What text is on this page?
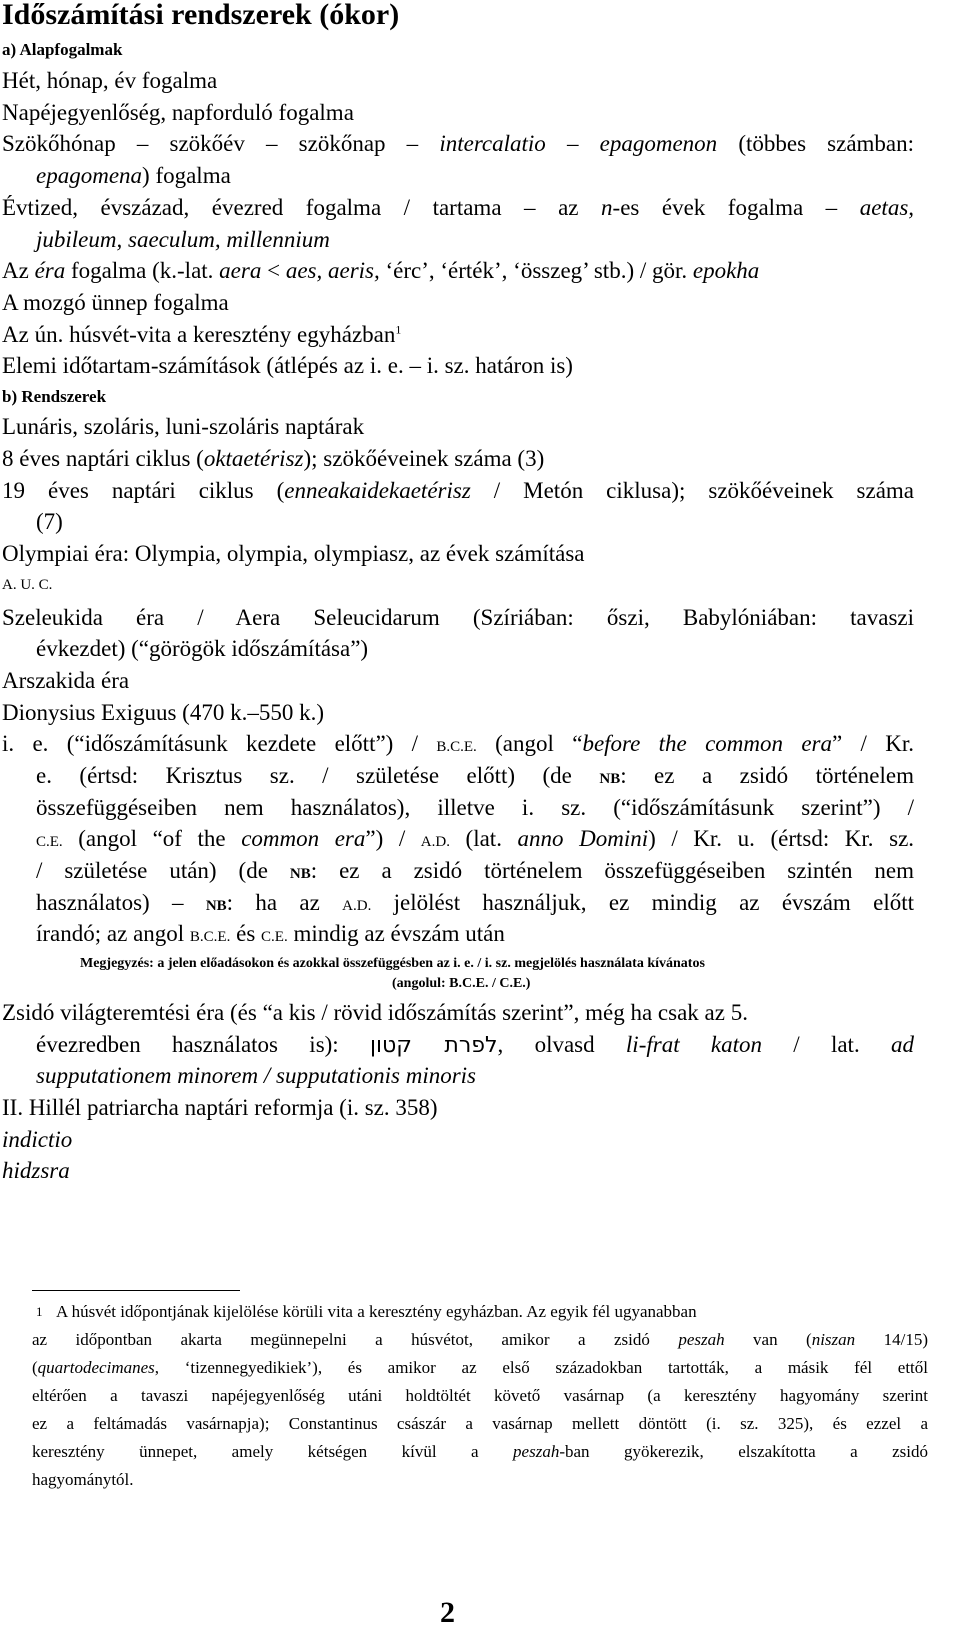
Időszámítási rendszerek (ókor)
a) Alapfogalmak
Hét, hónap, év fogalma
Napéjegyenlőség, napforduló fogalma
Szökőhónap – szökőév – szökőnap – intercalatio – epagomenon (többes számban:
epagomena) fogalma
Évtized, évszázad, évezred fogalma / tartama – az n-es évek fogalma – aetas,
jubileum, saeculum, millennium
Az éra fogalma (k.-lat. aera < aes, aeris, ‘érc’, ‘érték’, ‘összeg’ stb.) / gör. epokha
A mozgó ünnep fogalma
Az ún. húsvét-vita a keresztény egyházban$^1$
Elemi időtartam-számítások (átlépés az i. e. – i. sz. határon is)
b) Rendszerek
Lunáris, szoláris, luni-szoláris naptárak
8 éves naptári ciklus (oktaetérisz); szökőéveinek száma (3)
19 éves naptári ciklus (enneakaidekaetérisz / Metón ciklusa); szökőéveinek száma
(7)
Olympiai éra: Olympia, olympia, olympiasz, az évek számítása
A. U. C.
Szeleukida éra / Aera Seleucidarum (Szíriában: őszi, Babylóniában: tavaszi
évkezdet) (“görögök időszámítása”)
Arszakida éra
Dionysius Exiguus (470 k.–550 k.)
i. e. (“időszámításunk kezdete előtt”) / B.C.E. (angol “before the common era” / Kr.
e. (értsd: Krisztus sz. / születése előtt) (de NB: ez a zsidó történelem
összefüggéseiben nem használatos), illetve i. sz. (“időszámításunk szerint”) /
C.E. (angol “of the common era”) / A.D. (lat. anno Domini) / Kr. u. (értsd: Kr. sz.
/ születése után) (de NB: ez a zsidó történelem összefüggéseiben szintén nem
használatos) – NB: ha az A.D. jelölést használjuk, ez mindig az évszám előtt
írandó; az angol B.C.E. és C.E. mindig az évszám után
Megjegyzés: a jelen előadásokon és azokkal összefüggésben az i. e. / i. sz. megjelölés használata kívánatos
(angolul: B.C.E. / C.E.)
Zsidó világteremtési éra (és “a kis / rövid időszámítás szerint”, még ha csak az 5.
évezredben használatos is): לפרת קטון, olvasd li-frat katon / lat. ad
supputationem minorem / supputationis minoris
II. Hillél patriarcha naptári reformja (i. sz. 358)
indictio
hidzsra
1 A húsvét időpontjának kijelölése körüli vita a keresztény egyházban. Az egyik fél ugyanabban
az időpontban akarta megünnepelni a húsvétot, amikor a zsidó peszah van (niszan 14/15)
(quartodecimanes, ‘tizennegyedikiek’), és amikor az első századokban tartották, a másik fél ettől
eltérően a tavaszi napéjegyenlőség utáni holdtöltét követő vasárnap (a keresztény hagyomány szerint
ez a feltámadás vasárnapja); Constantinus császár a vasárnap mellett döntött (i. sz. 325), és ezzel a
keresztény ünnepet, amely kétségen kívül a peszah-ban gyökerezik, elszakította a zsidó
hagyománytól.
2
